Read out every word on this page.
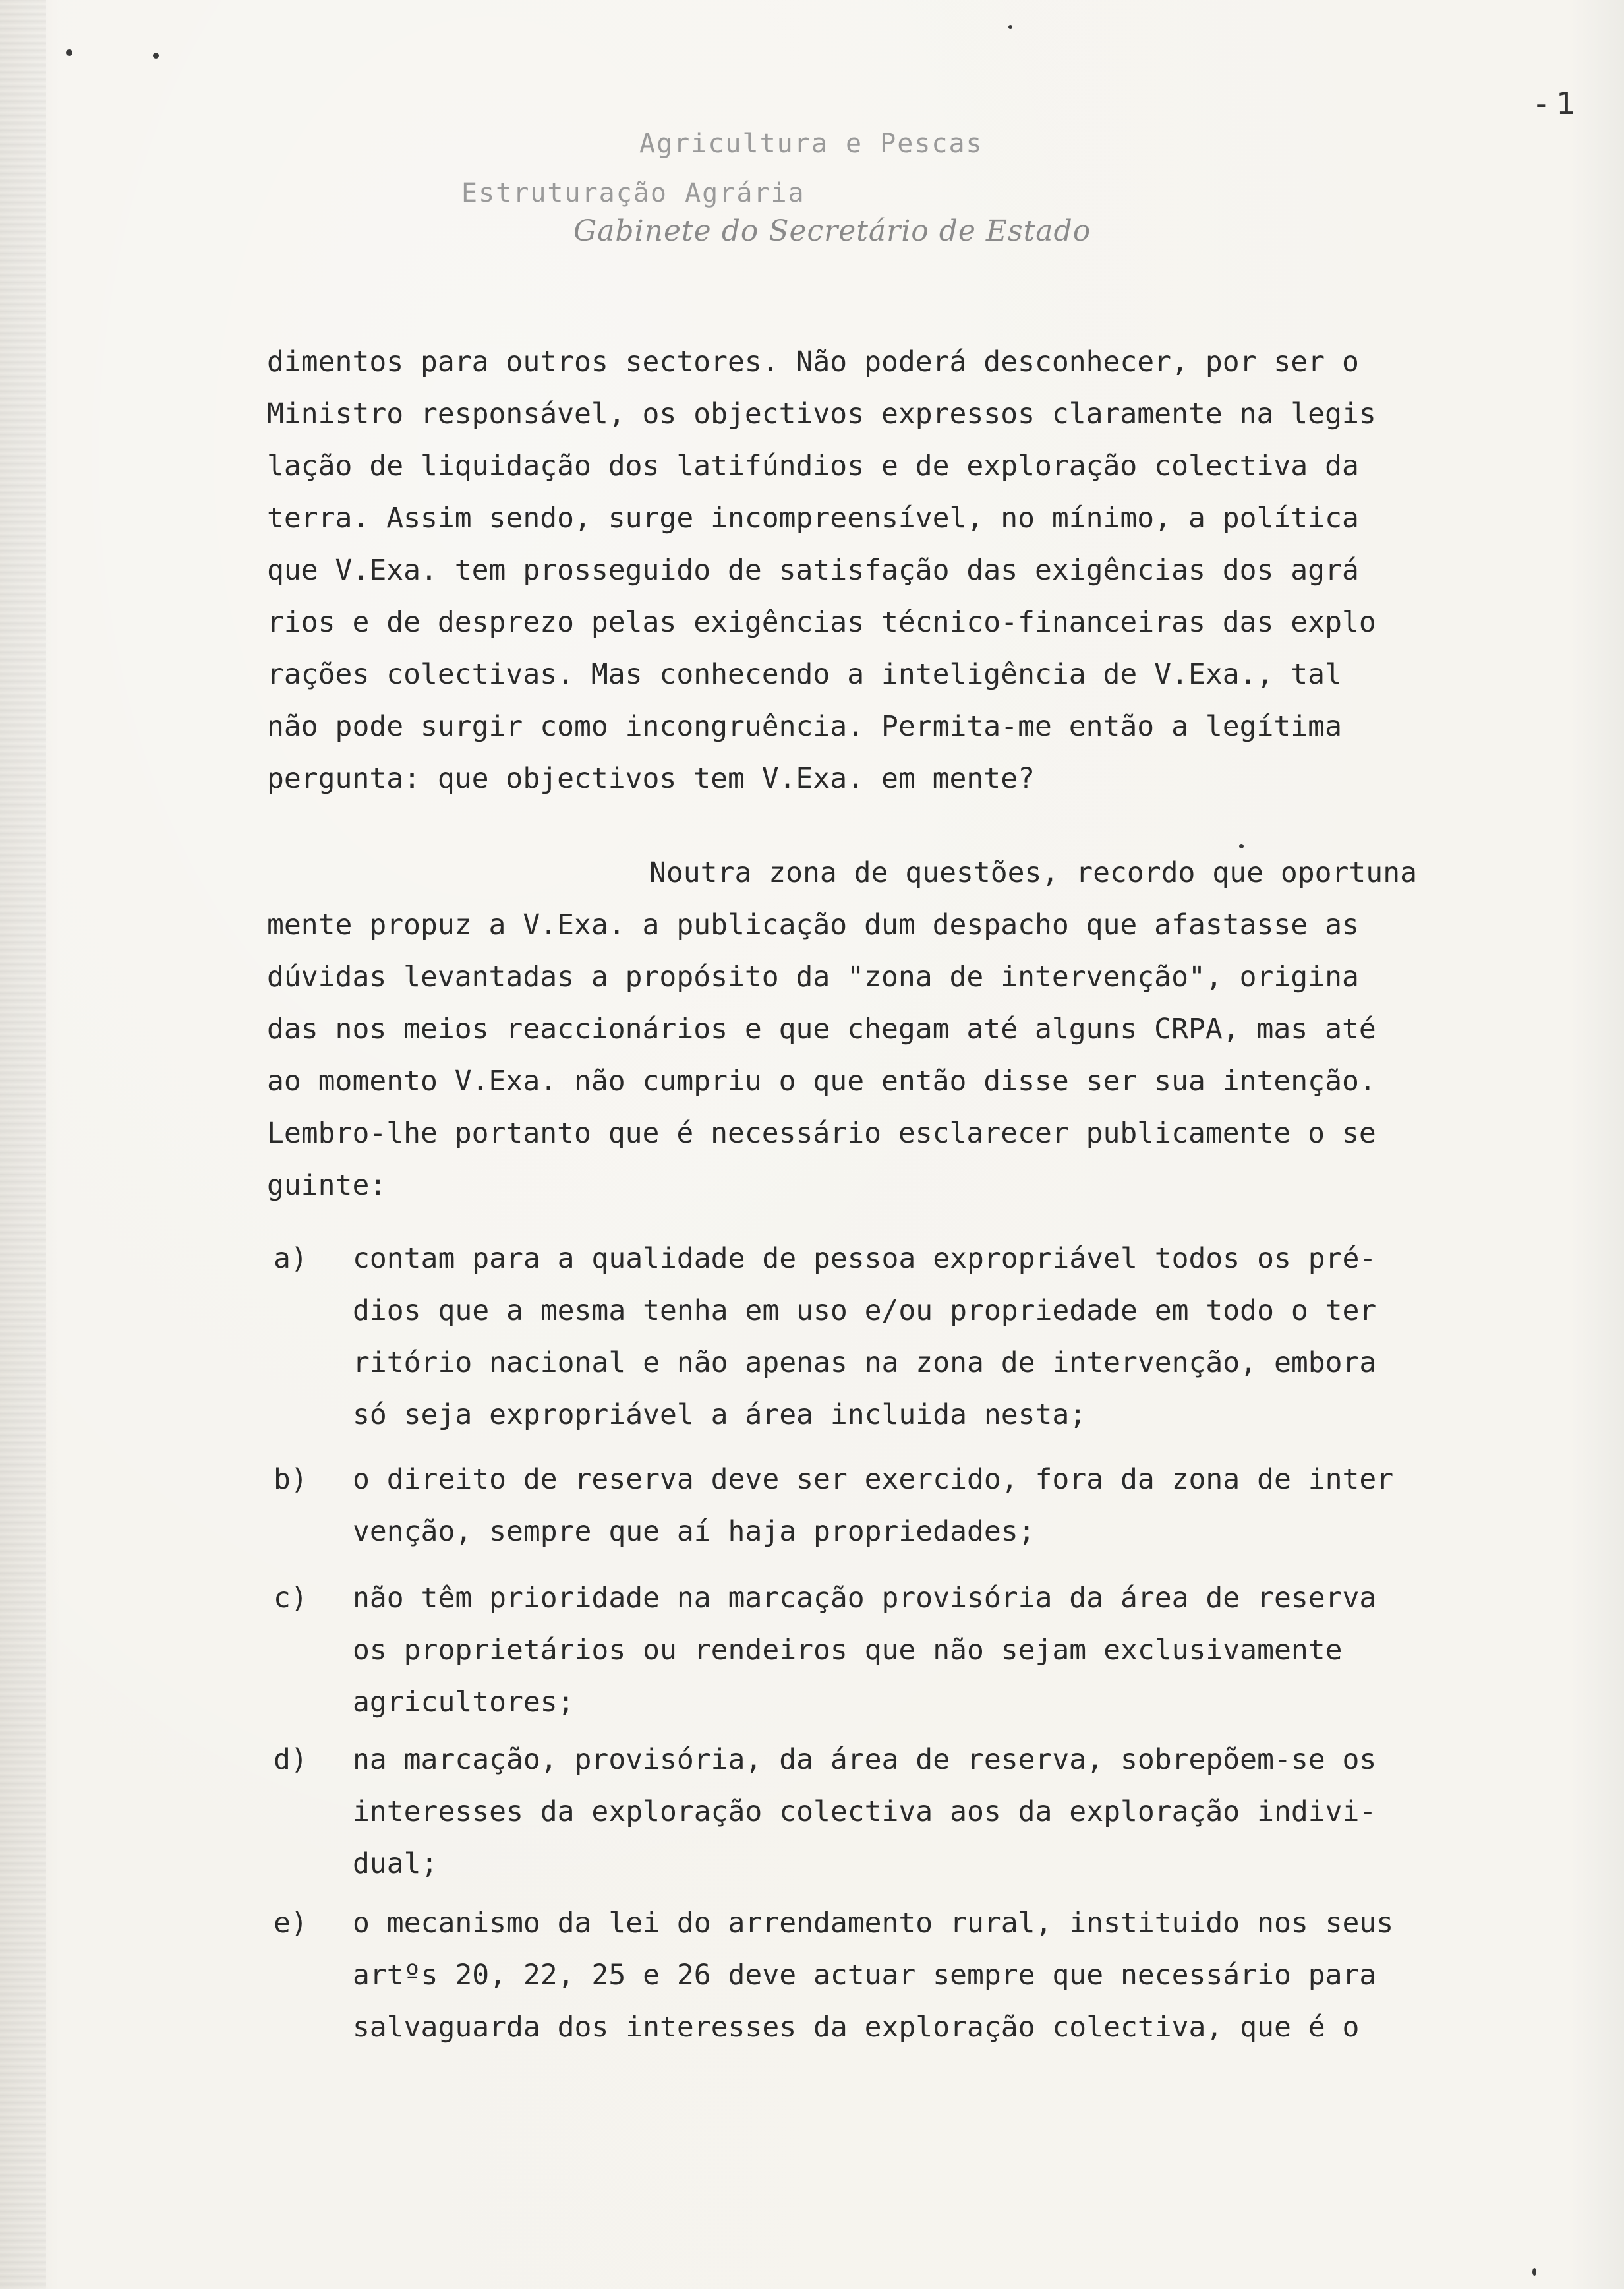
- 1
Agricultura e Pescas
Estruturação Agrária
Gabinete do Secretário de Estado
dimentos para outros sectores. Não poderá desconhecer, por ser o
Ministro responsável, os objectivos expressos claramente na legis
lação de liquidação dos latifúndios e de exploração colectiva da
terra. Assim sendo, surge incompreensível, no mínimo, a política
que V.Exa. tem prosseguido de satisfação das exigências dos agrá
rios e de desprezo pelas exigências técnico-financeiras das explo
rações colectivas. Mas conhecendo a inteligência de V.Exa., tal
não pode surgir como incongruência. Permita-me então a legítima
pergunta: que objectivos tem V.Exa. em mente?
Noutra zona de questões, recordo que oportuna
mente propuz a V.Exa. a publicação dum despacho que afastasse as
dúvidas levantadas a propósito da "zona de intervenção", origina
das nos meios reaccionários e que chegam até alguns CRPA, mas até
ao momento V.Exa. não cumpriu o que então disse ser sua intenção.
Lembro-lhe portanto que é necessário esclarecer publicamente o se
guinte:
a)	contam para a qualidade de pessoa expropriável todos os pré-
dios que a mesma tenha em uso e/ou propriedade em todo o ter
ritório nacional e não apenas na zona de intervenção, embora
só seja expropriável a área incluida nesta;
b)	o direito de reserva deve ser exercido, fora da zona de inter
venção, sempre que aí haja propriedades;
c)	não têm prioridade na marcação provisória da área de reserva
os proprietários ou rendeiros que não sejam exclusivamente
agricultores;
d)	na marcação, provisória, da área de reserva, sobrepõem-se os
interesses da exploração colectiva aos da exploração indivi-
dual;
e)	o mecanismo da lei do arrendamento rural, instituido nos seus
artºs 20, 22, 25 e 26 deve actuar sempre que necessário para
salvaguarda dos interesses da exploração colectiva, que é o
